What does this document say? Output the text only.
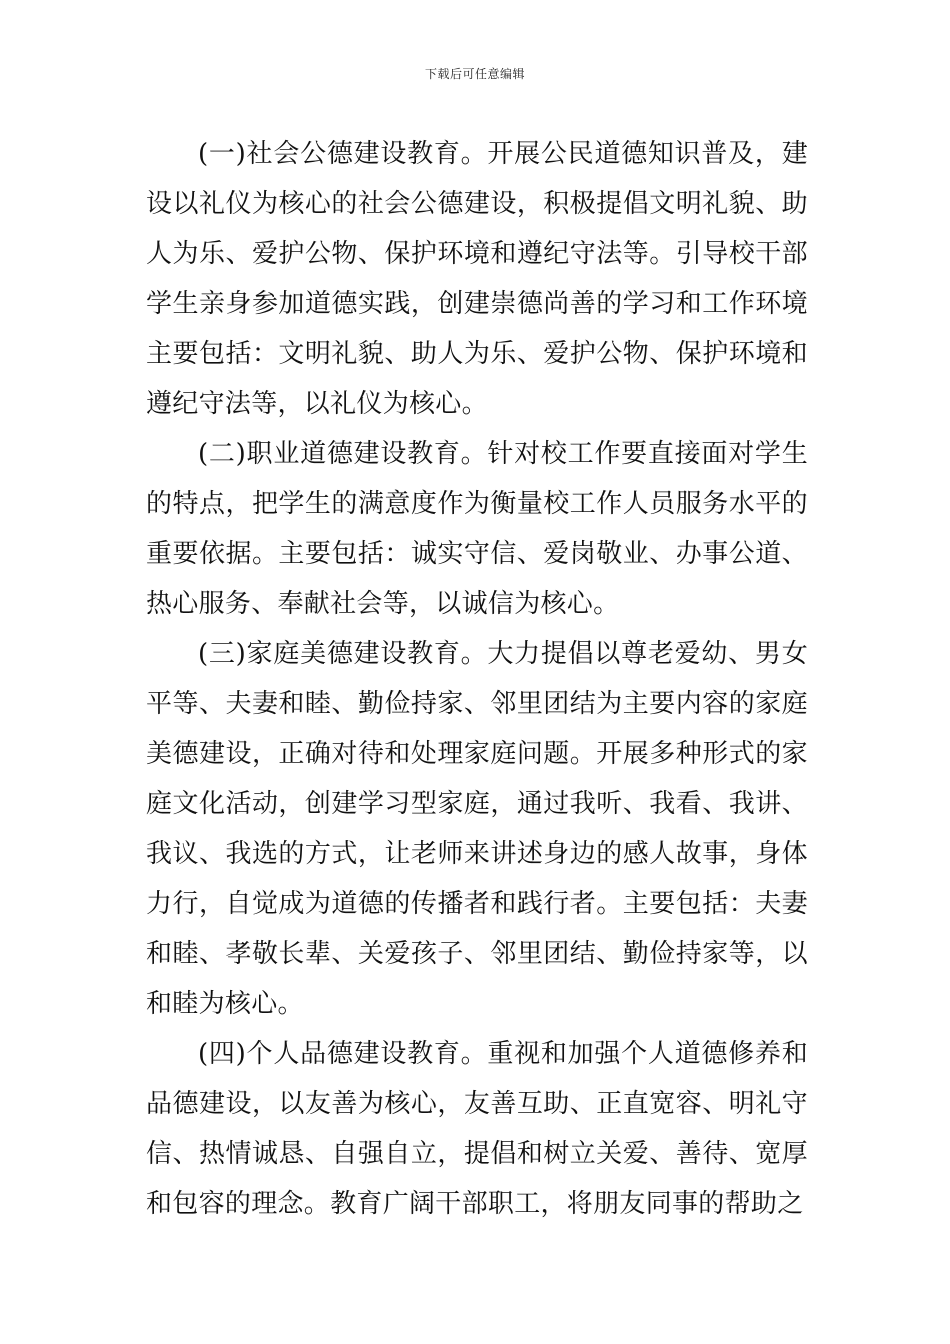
下载后可任意编辑

(一)社会公德建设教育。开展公民道德知识普及，建设以礼仪为核心的社会公德建设，积极提倡文明礼貌、助人为乐、爱护公物、保护环境和遵纪守法等。引导校干部学生亲身参加道德实践，创建崇德尚善的学习和工作环境主要包括：文明礼貌、助人为乐、爱护公物、保护环境和遵纪守法等，以礼仪为核心。

(二)职业道德建设教育。针对校工作要直接面对学生的特点，把学生的满意度作为衡量校工作人员服务水平的重要依据。主要包括：诚实守信、爱岗敬业、办事公道、热心服务、奉献社会等，以诚信为核心。

(三)家庭美德建设教育。大力提倡以尊老爱幼、男女平等、夫妻和睦、勤俭持家、邻里团结为主要内容的家庭美德建设，正确对待和处理家庭问题。开展多种形式的家庭文化活动，创建学习型家庭，通过我听、我看、我讲、我议、我选的方式，让老师来讲述身边的感人故事，身体力行，自觉成为道德的传播者和践行者。主要包括：夫妻和睦、孝敬长辈、关爱孩子、邻里团结、勤俭持家等，以和睦为核心。

(四)个人品德建设教育。重视和加强个人道德修养和品德建设，以友善为核心，友善互助、正直宽容、明礼守信、热情诚恳、自强自立，提倡和树立关爱、善待、宽厚和包容的理念。教育广阔干部职工，将朋友同事的帮助之
